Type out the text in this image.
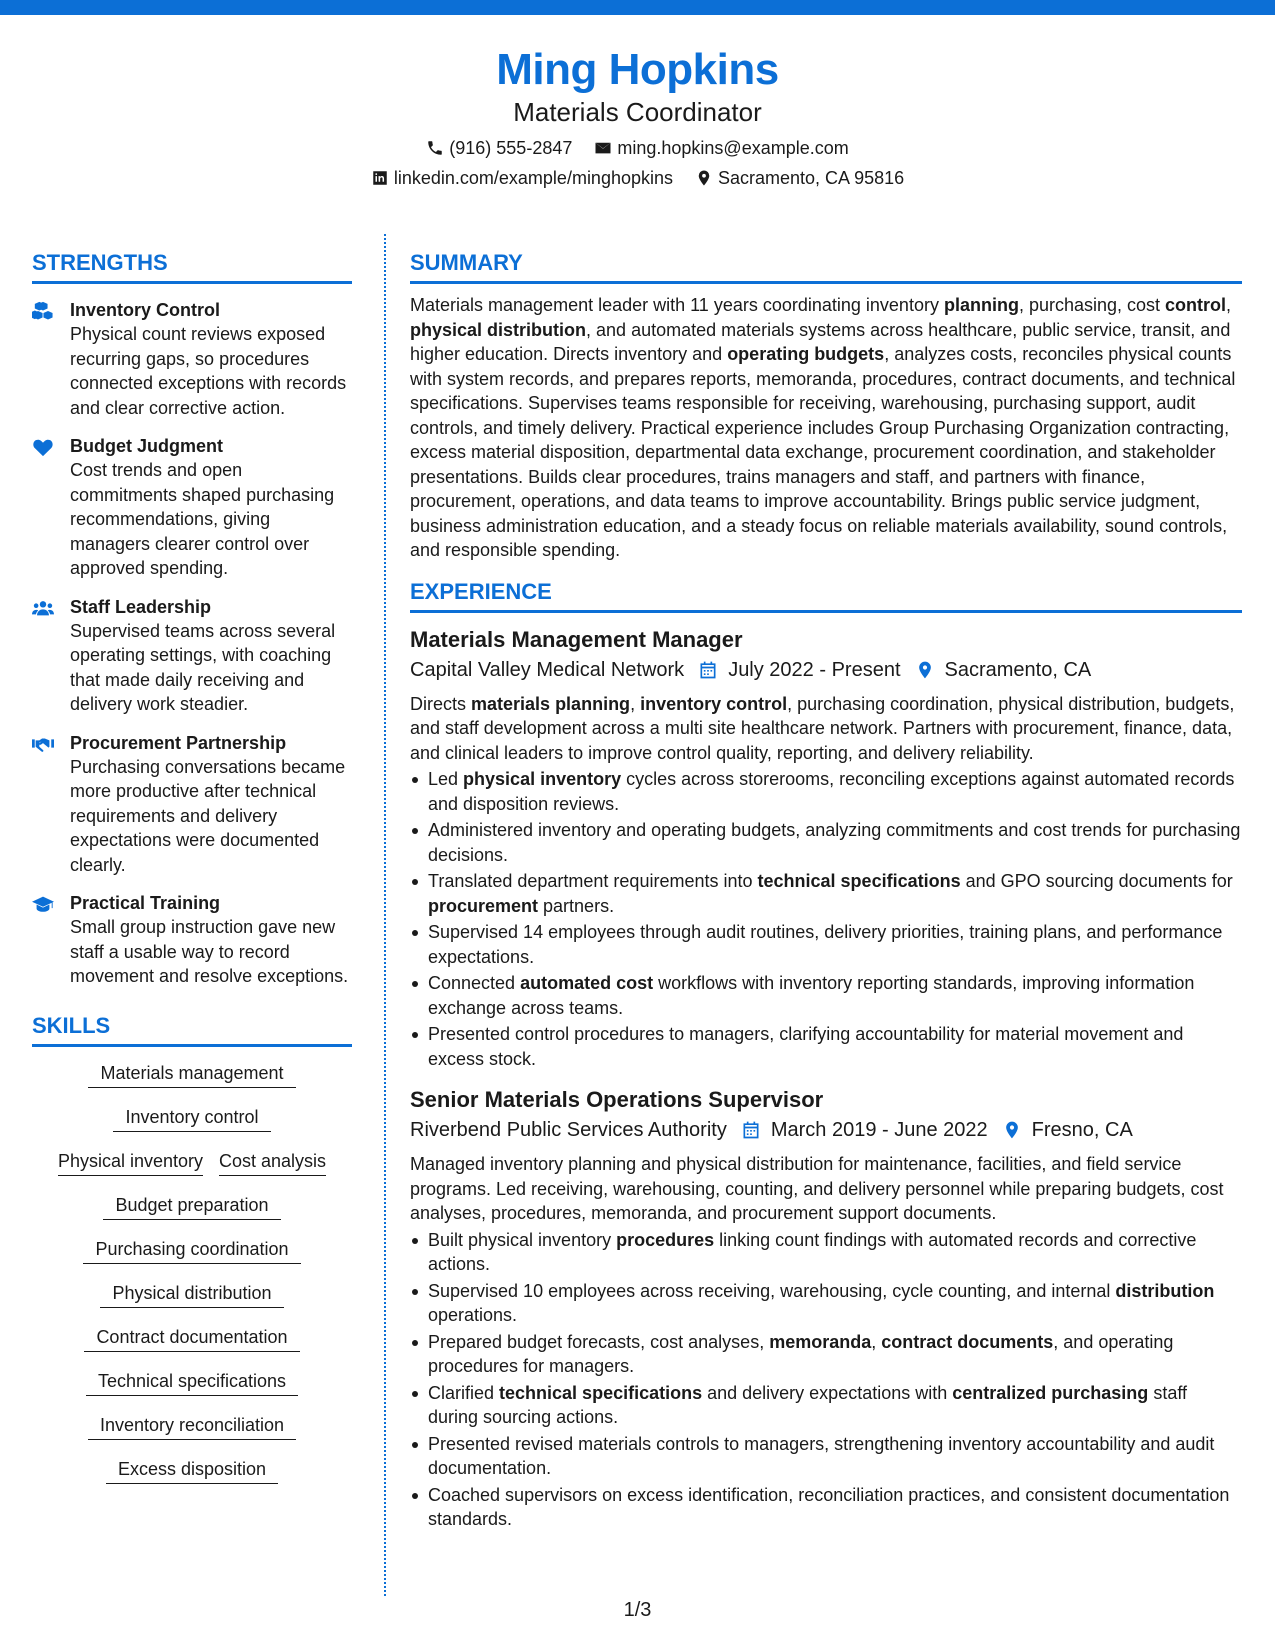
Ming Hopkins
Materials Coordinator
(916) 555-2847	ming.hopkins@example.com
linkedin.com/example/minghopkins	Sacramento, CA 95816
STRENGTHS
Inventory Control
Physical count reviews exposed recurring gaps, so procedures connected exceptions with records and clear corrective action.
Budget Judgment
Cost trends and open commitments shaped purchasing recommendations, giving managers clearer control over approved spending.
Staff Leadership
Supervised teams across several operating settings, with coaching that made daily receiving and delivery work steadier.
Procurement Partnership
Purchasing conversations became more productive after technical requirements and delivery expectations were documented clearly.
Practical Training
Small group instruction gave new staff a usable way to record movement and resolve exceptions.
SKILLS
Materials management
Inventory control
Physical inventory Cost analysis
Budget preparation
Purchasing coordination
Physical distribution
Contract documentation
Technical specifications
Inventory reconciliation
Excess disposition
SUMMARY
Materials management leader with 11 years coordinating inventory planning, purchasing, cost control, physical distribution, and automated materials systems across healthcare, public service, transit, and higher education. Directs inventory and operating budgets, analyzes costs, reconciles physical counts with system records, and prepares reports, memoranda, procedures, contract documents, and technical specifications. Supervises teams responsible for receiving, warehousing, purchasing support, audit controls, and timely delivery. Practical experience includes Group Purchasing Organization contracting, excess material disposition, departmental data exchange, procurement coordination, and stakeholder presentations. Builds clear procedures, trains managers and staff, and partners with finance, procurement, operations, and data teams to improve accountability. Brings public service judgment, business administration education, and a steady focus on reliable materials availability, sound controls, and responsible spending.
EXPERIENCE
Materials Management Manager
Capital Valley Medical Network July 2022 - Present Sacramento, CA
Directs materials planning, inventory control, purchasing coordination, physical distribution, budgets, and staff development across a multi site healthcare network. Partners with procurement, finance, data, and clinical leaders to improve control quality, reporting, and delivery reliability.
Led physical inventory cycles across storerooms, reconciling exceptions against automated records and disposition reviews.
Administered inventory and operating budgets, analyzing commitments and cost trends for purchasing decisions.
Translated department requirements into technical specifications and GPO sourcing documents for procurement partners.
Supervised 14 employees through audit routines, delivery priorities, training plans, and performance expectations.
Connected automated cost workflows with inventory reporting standards, improving information exchange across teams.
Presented control procedures to managers, clarifying accountability for material movement and excess stock.
Senior Materials Operations Supervisor
Riverbend Public Services Authority March 2019 - June 2022 Fresno, CA
Managed inventory planning and physical distribution for maintenance, facilities, and field service programs. Led receiving, warehousing, counting, and delivery personnel while preparing budgets, cost analyses, procedures, memoranda, and procurement support documents.
Built physical inventory procedures linking count findings with automated records and corrective actions.
Supervised 10 employees across receiving, warehousing, cycle counting, and internal distribution operations.
Prepared budget forecasts, cost analyses, memoranda, contract documents, and operating procedures for managers.
Clarified technical specifications and delivery expectations with centralized purchasing staff during sourcing actions.
Presented revised materials controls to managers, strengthening inventory accountability and audit documentation.
Coached supervisors on excess identification, reconciliation practices, and consistent documentation standards.
1/3
